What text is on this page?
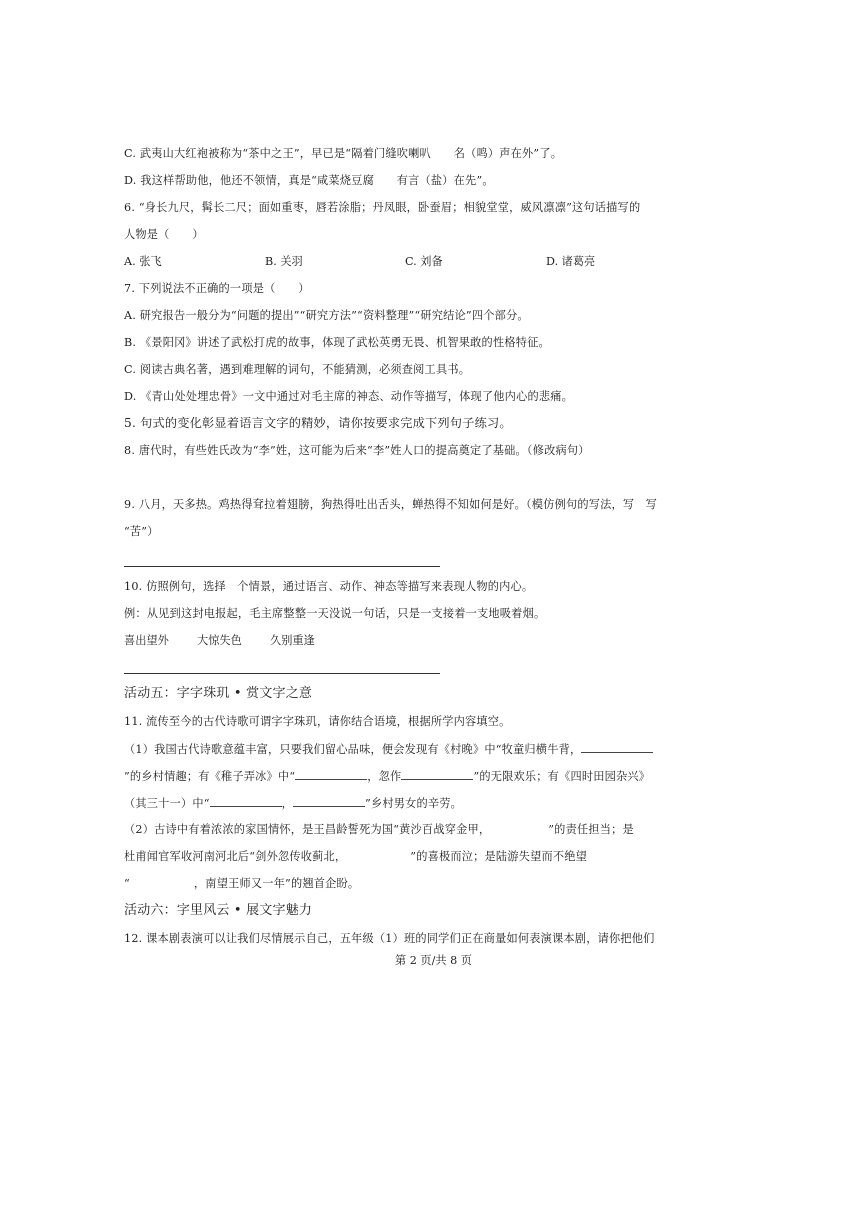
C. 武夷山大红袍被称为“茶中之王”，早已是“隔着门缝吹喇叭　　名（鸣）声在外”了。
D. 我这样帮助他，他还不领情，真是“咸菜烧豆腐　　有言（盐）在先”。
6. “身长九尺，髯长二尺；面如重枣，唇若涂脂；丹凤眼，卧蚕眉；相貌堂堂，威风凛凛”这句话描写的
人物是（　　）
A. 张飞	B. 关羽	C. 刘备	D. 诸葛亮
7. 下列说法不正确的一项是（　　）
A. 研究报告一般分为“问题的提出”“研究方法”“资料整理”“研究结论”四个部分。
B. 《景阳冈》讲述了武松打虎的故事，体现了武松英勇无畏、机智果敢的性格特征。
C. 阅读古典名著，遇到难理解的词句，不能猜测，必须查阅工具书。
D. 《青山处处埋忠骨》一文中通过对毛主席的神态、动作等描写，体现了他内心的悲痛。
5. 句式的变化彰显着语言文字的精妙，请你按要求完成下列句子练习。
8. 唐代时，有些姓氏改为“李”姓，这可能为后来“李”姓人口的提高奠定了基础。（修改病句）
9. 八月，天多热。鸡热得耷拉着翅膀，狗热得吐出舌头，蝉热得不知如何是好。（模仿例句的写法，写　写
“苦”）
10. 仿照例句，选择　个情景，通过语言、动作、神态等描写来表现人物的内心。
例：从见到这封电报起，毛主席整整一天没说一句话，只是一支接着一支地吸着烟。
喜出望外	大惊失色	久别重逢
活动五：字字珠玑 • 赏文字之意
11. 流传至今的古代诗歌可谓字字珠玑，请你结合语境，根据所学内容填空。
（1）我国古代诗歌意蕴丰富，只要我们留心品味，便会发现有《村晚》中“牧童归横牛背，
”的乡村情趣；有《稚子弄冰》中“	，忽作	”的无限欢乐；有《四时田园杂兴》
（其三十一）中“	，	”乡村男女的辛劳。
（2）古诗中有着浓浓的家国情怀，是王昌龄誓死为国“黄沙百战穿金甲，	”的责任担当；是
杜甫闻官军收河南河北后“剑外忽传收蓟北，	”的喜极而泣；是陆游失望而不绝望
“	，南望王师又一年”的翘首企盼。
活动六：字里风云 • 展文字魅力
12. 课本剧表演可以让我们尽情展示自己，五年级（1）班的同学们正在商量如何表演课本剧，请你把他们
第 2 页/共 8 页
